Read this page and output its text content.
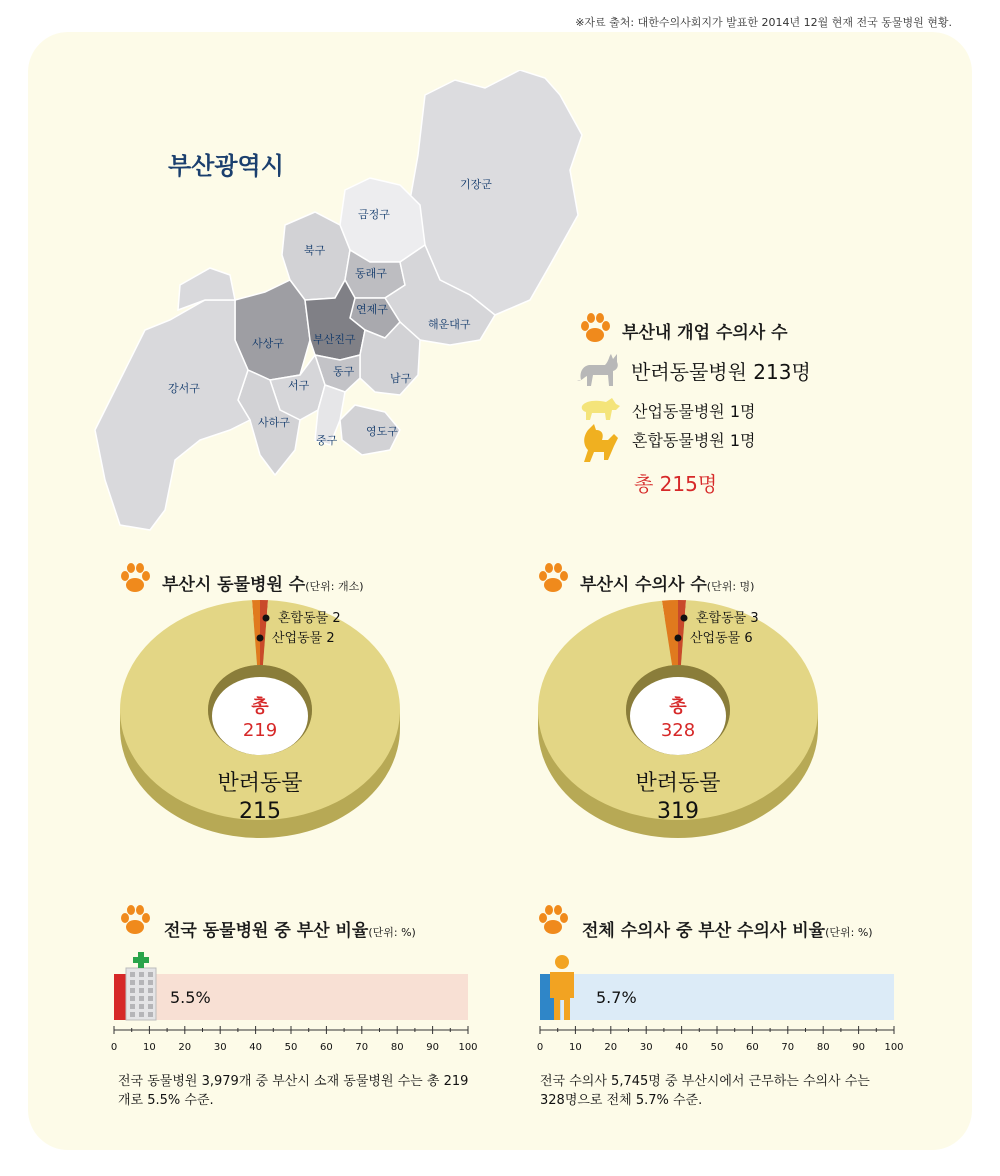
※자료 출처: 대한수의사회지가 발표한 2014년 12월 현재 전국 동물병원 현황.
기장군
금정구
북구
동래구
연제구
해운대구
사상구	부산진구
강서구	서구
동구
남구
사하구
중구
영도구
부산광역시
부산내 개업 수의사 수
반려동물병원 213명
산업동물병원 1명
혼합동물병원 1명
총 215명
부산시 동물병원 수(단위: 개소)
총
219
반려동물
215
혼합동물 2
산업동물 2
부산시 수의사 수(단위: 명)
총
328
반려동물
319
혼합동물 3
산업동물 6
전국 동물병원 중 부산 비율(단위: %)
5.5%
0	10 20 30 40 50 60 70 80 90 100
전국 동물병원 3,979개 중 부산시 소재 동물병원 수는 총 219
개로 5.5% 수준.
전체 수의사 중 부산 수의사 비율(단위: %)
5.7%
0	10 20 30 40 50 60 70 80 90 100
전국 수의사 5,745명 중 부산시에서 근무하는 수의사 수는
328명으로 전체 5.7% 수준.
